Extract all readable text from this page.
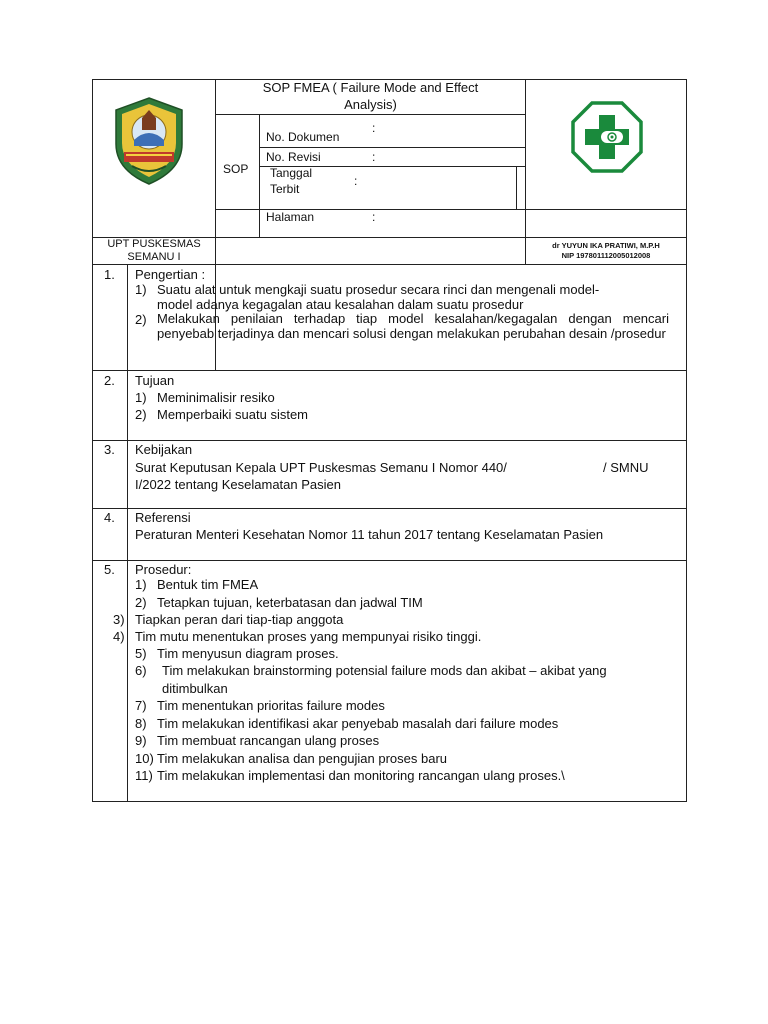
SOP FMEA ( Failure Mode and Effect
Analysis)
SOP
No. Dokumen
:
No. Revisi	:
Tanggal
Terbit
:
Halaman	:
UPT PUSKESMAS
SEMANU I
dr YUYUN IKA PRATIWI, M.P.H
NIP 197801112005012008
1. Pengertian :
1) Suatu alat untuk mengkaji suatu prosedur secara rinci dan mengenali model-
model adanya kegagalan atau kesalahan dalam suatu prosedur
2) Melakukan penilaian terhadap tiap model kesalahan/kegagalan dengan mencari penyebab terjadinya dan mencari solusi dengan melakukan perubahan desain /prosedur
2. Tujuan
1) Meminimalisir resiko
2) Memperbaiki suatu sistem
3. Kebijakan
Surat Keputusan Kepala UPT Puskesmas Semanu I Nomor 440/	/ SMNU
I/2022 tentang Keselamatan Pasien
4. Referensi
Peraturan Menteri Kesehatan Nomor 11 tahun 2017 tentang Keselamatan Pasien
5. Prosedur:
1) Bentuk tim FMEA
2) Tetapkan tujuan, keterbatasan dan jadwal TIM
3) Tiapkan peran dari tiap-tiap anggota
4) Tim mutu menentukan proses yang mempunyai risiko tinggi.
5) Tim menyusun diagram proses.
6) Tim melakukan brainstorming potensial failure mods dan akibat – akibat yang
ditimbulkan
7) Tim menentukan prioritas failure modes
8) Tim melakukan identifikasi akar penyebab masalah dari failure modes
9) Tim membuat rancangan ulang proses
10) Tim melakukan analisa dan pengujian proses baru
11) Tim melakukan implementasi dan monitoring rancangan ulang proses.\
